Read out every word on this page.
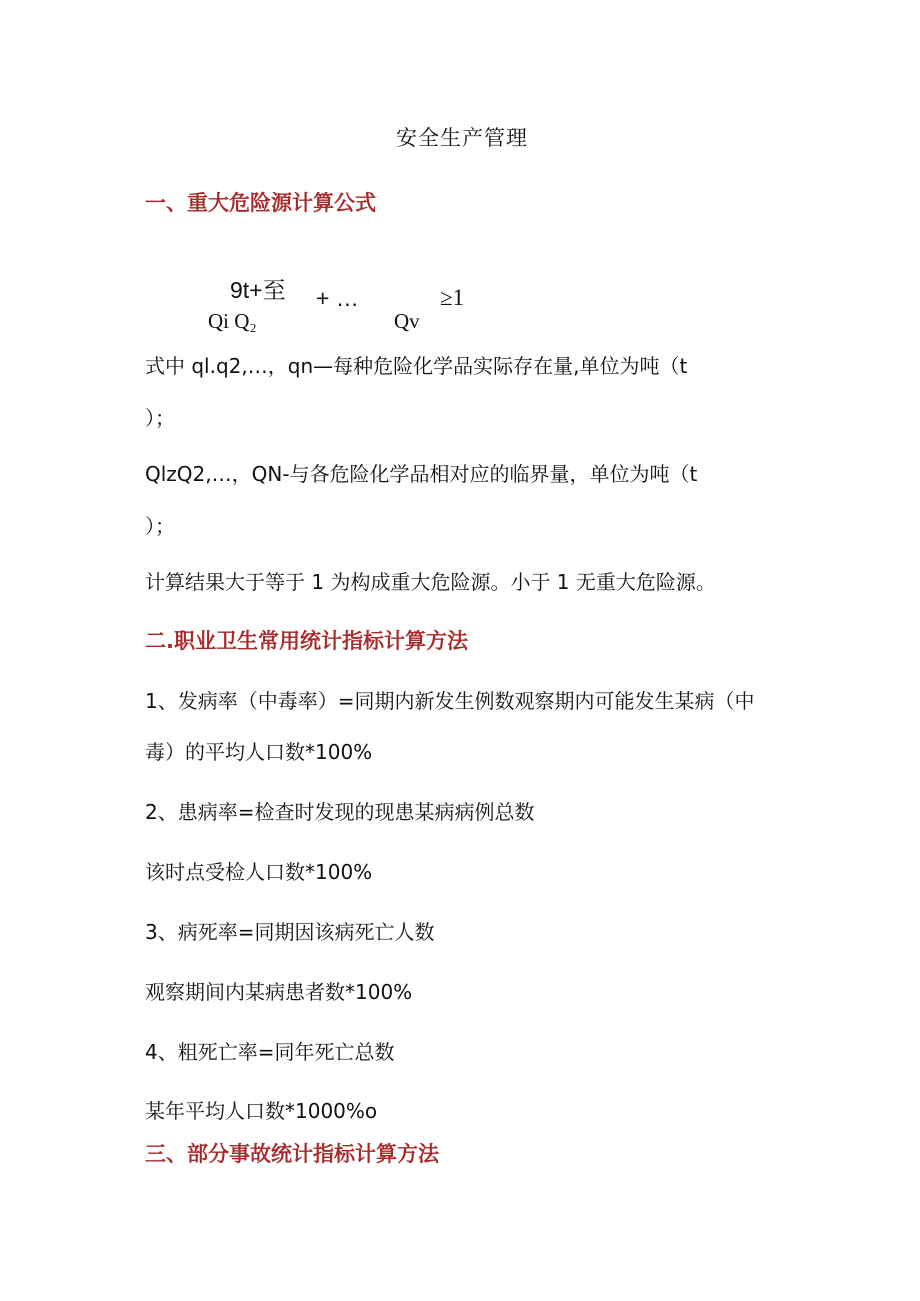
安全生产管理
一、重大危险源计算公式
9t+至 + …	≥1
Qi Q₂	Qv
式中 ql.q2,…，qn—每种危险化学品实际存在量,单位为吨（t
）；
QlzQ2,…，QN-与各危险化学品相对应的临界量，单位为吨（t
）；
计算结果大于等于 1 为构成重大危险源。小于 1 无重大危险源。
二.职业卫生常用统计指标计算方法
1、发病率（中毒率）=同期内新发生例数观察期内可能发生某病（中
毒）的平均人口数*100%
2、患病率=检查时发现的现患某病病例总数
该时点受检人口数*100%
3、病死率=同期因该病死亡人数
观察期间内某病患者数*100%
4、粗死亡率=同年死亡总数
某年平均人口数*1000%o
三、部分事故统计指标计算方法
